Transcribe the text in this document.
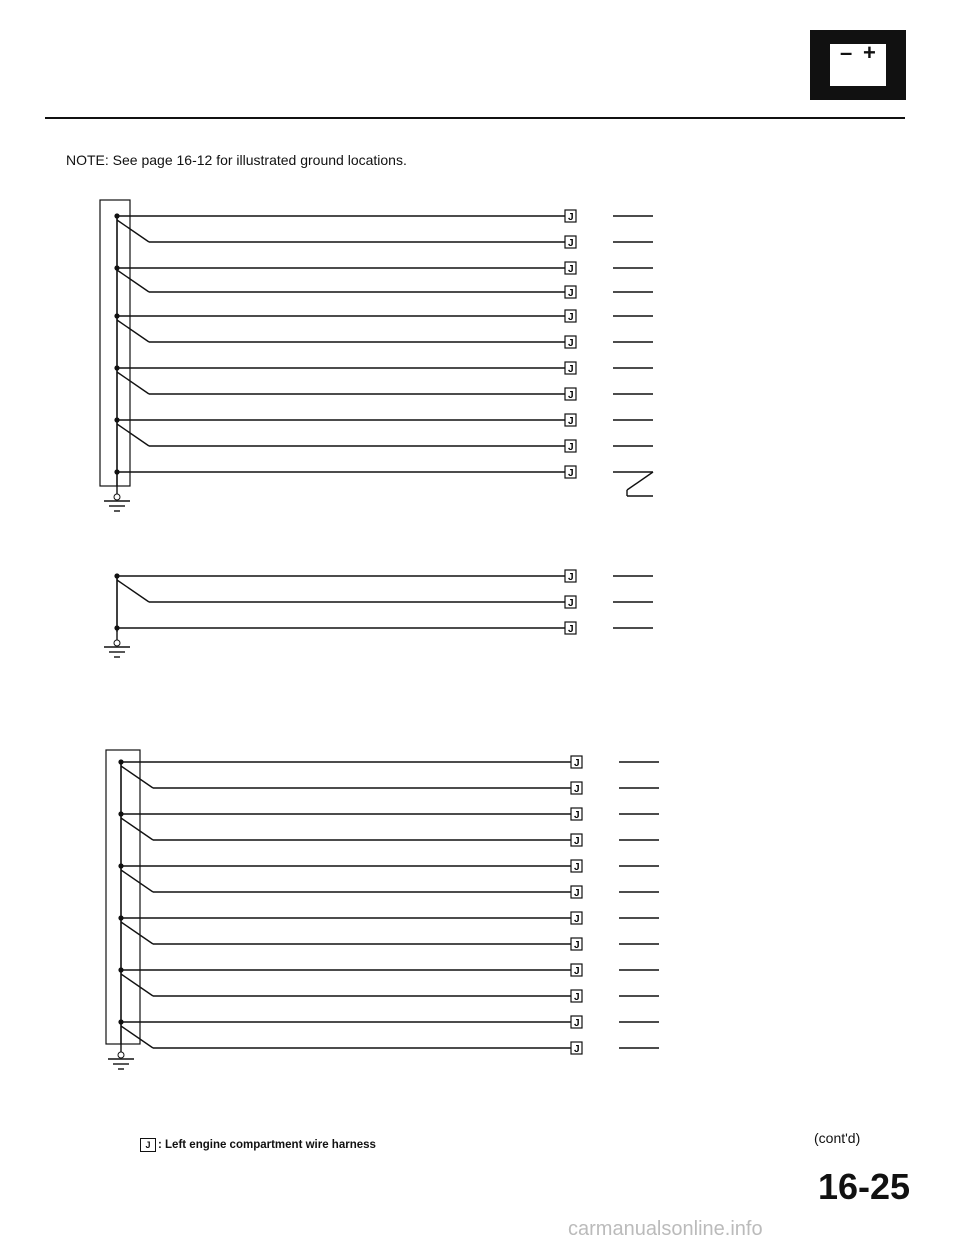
– +
J
J
J
J
J
J
J
J
J
J
J
J
J
J
J
J
J
J
J
J
J
J
J
J
J
J
NOTE: See page 16-12 for illustrated ground locations.
J : Left engine compartment wire harness	(cont'd)
16-25
carmanualsonline.info
